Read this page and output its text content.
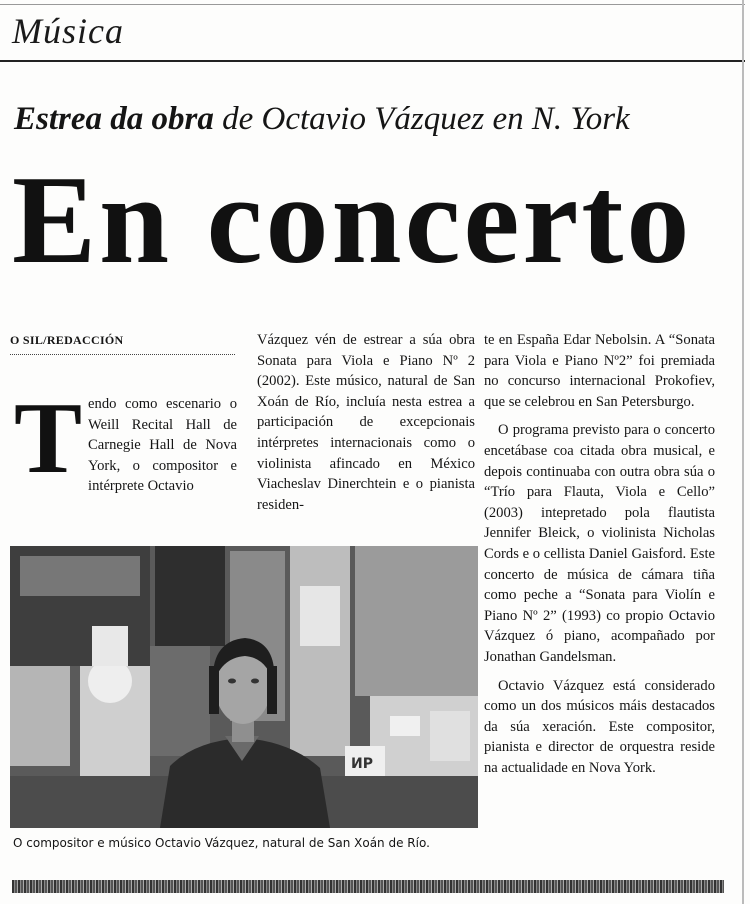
Música
Estrea da obra de Octavio Vázquez en N. York
En concerto
O SIL/REDACCIÓN
Tendo como escenario o Weill Recital Hall de Carnegie Hall de Nova York, o compositor e intérprete Octavio

Vázquez vén de estrear a súa obra Sonata para Viola e Piano Nº 2 (2002). Este músico, natural de San Xoán de Río, incluía nesta estrea a participación de excepcionais intérpretes internacionais como o violinista afincado en México Viacheslav Dinerchtein e o pianista residen-

te en España Edar Nebolsin. A “Sonata para Viola e Piano Nº2” foi premiada no concurso internacional Prokofiev, que se celebrou en San Petersburgo.

O programa previsto para o concerto encetábase coa citada obra musical, e depois continuaba con outra obra súa o “Trío para Flauta, Viola e Cello” (2003) intepretado pola flautista Jennifer Bleick, o violinista Nicholas Cords e o cellista Daniel Gaisford. Este concerto de música de cámara tiña como peche a “Sonata para Violín e Piano Nº 2” (1993) co propio Octavio Vázquez ó piano, acompañado por Jonathan Gandelsman.

Octavio Vázquez está considerado como un dos músicos máis destacados da súa xeración. Este compositor, pianista e director de orquestra reside na actualidade en Nova York.

ИР
O compositor e músico Octavio Vázquez, natural de San Xoán de Río.
